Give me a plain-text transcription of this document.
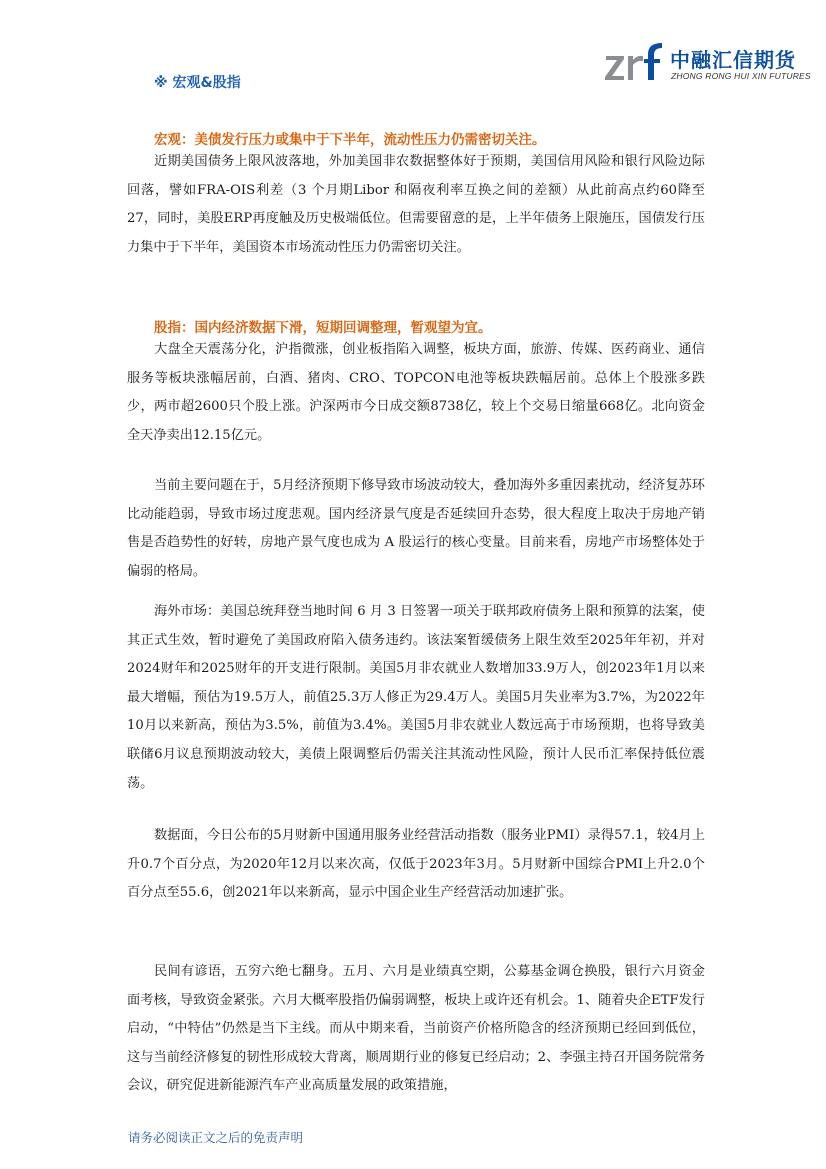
中融汇信期货
ZHONG RONG HUI XIN FUTURES
※ 宏观&股指
宏观：美债发行压力或集中于下半年，流动性压力仍需密切关注。

近期美国债务上限风波落地，外加美国非农数据整体好于预期，美国信用风险和银行风险边际回落，譬如FRA-OIS利差（3 个月期Libor 和隔夜利率互换之间的差额）从此前高点约60降至27，同时，美股ERP再度触及历史极端低位。但需要留意的是，上半年债务上限施压，国债发行压力集中于下半年，美国资本市场流动性压力仍需密切关注。

股指：国内经济数据下滑，短期回调整理，暂观望为宜。

大盘全天震荡分化，沪指微涨，创业板指陷入调整，板块方面，旅游、传媒、医药商业、通信服务等板块涨幅居前，白酒、猪肉、CRO、TOPCON电池等板块跌幅居前。总体上个股涨多跌少，两市超2600只个股上涨。沪深两市今日成交额8738亿，较上个交易日缩量668亿。北向资金全天净卖出12.15亿元。

当前主要问题在于，5月经济预期下修导致市场波动较大，叠加海外多重因素扰动，经济复苏环比动能趋弱，导致市场过度悲观。国内经济景气度是否延续回升态势，很大程度上取决于房地产销售是否趋势性的好转，房地产景气度也成为 A 股运行的核心变量。目前来看，房地产市场整体处于偏弱的格局。

海外市场：美国总统拜登当地时间 6 月 3 日签署一项关于联邦政府债务上限和预算的法案，使其正式生效，暂时避免了美国政府陷入债务违约。该法案暂缓债务上限生效至2025年年初，并对2024财年和2025财年的开支进行限制。美国5月非农就业人数增加33.9万人，创2023年1月以来最大增幅，预估为19.5万人，前值25.3万人修正为29.4万人。美国5月失业率为3.7%，为2022年10月以来新高，预估为3.5%，前值为3.4%。美国5月非农就业人数远高于市场预期，也将导致美联储6月议息预期波动较大，美债上限调整后仍需关注其流动性风险，预计人民币汇率保持低位震荡。

数据面，今日公布的5月财新中国通用服务业经营活动指数（服务业PMI）录得57.1，较4月上升0.7个百分点，为2020年12月以来次高，仅低于2023年3月。5月财新中国综合PMI上升2.0个百分点至55.6，创2021年以来新高，显示中国企业生产经营活动加速扩张。

民间有谚语，五穷六绝七翻身。五月、六月是业绩真空期，公募基金调仓换股，银行六月资金面考核，导致资金紧张。六月大概率股指仍偏弱调整，板块上或许还有机会。1、随着央企ETF发行启动，“中特估”仍然是当下主线。而从中期来看，当前资产价格所隐含的经济预期已经回到低位，这与当前经济修复的韧性形成较大背离，顺周期行业的修复已经启动；2、李强主持召开国务院常务会议，研究促进新能源汽车产业高质量发展的政策措施，

请务必阅读正文之后的免责声明
